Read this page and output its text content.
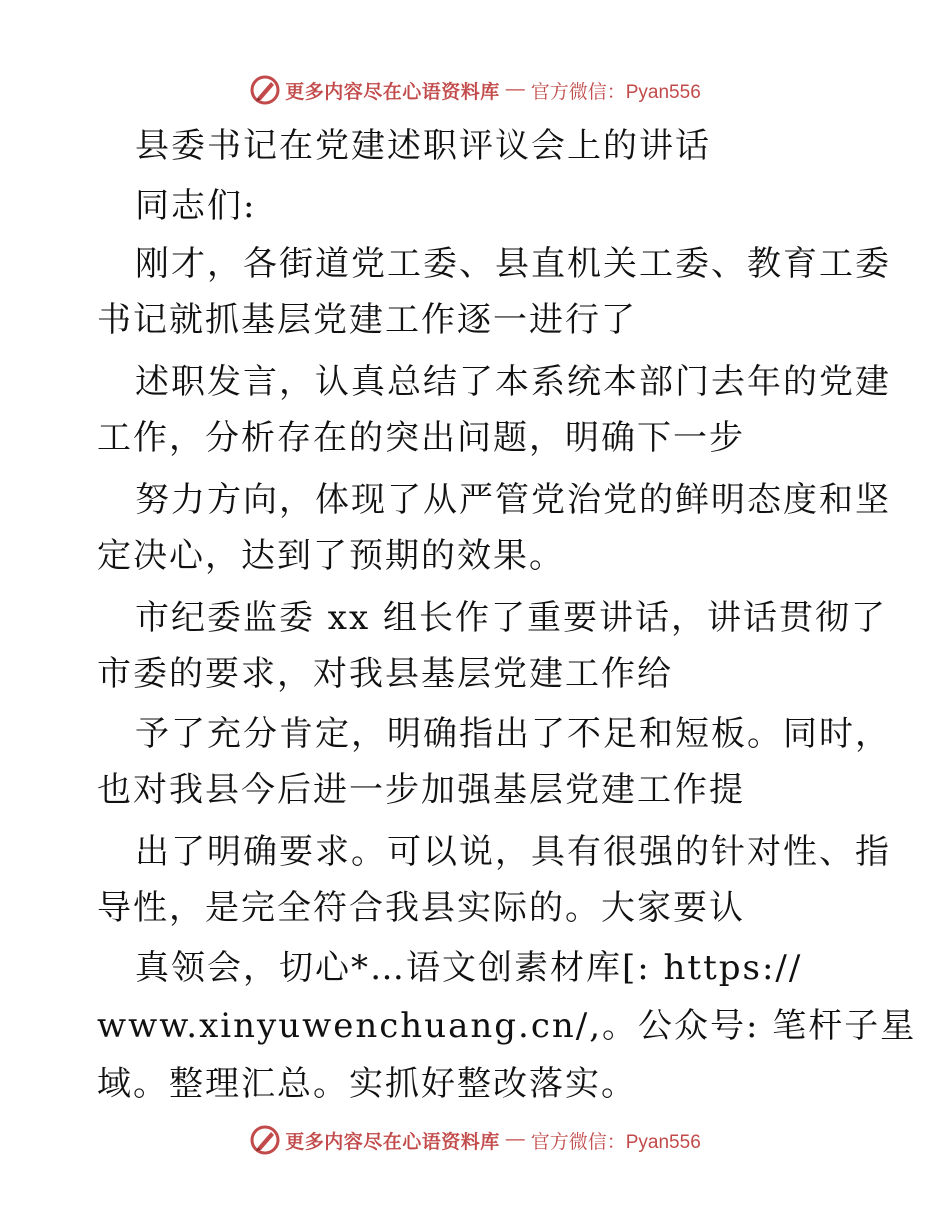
更多内容尽在心语资料库 — 官方微信：Pyan556
县委书记在党建述职评议会上的讲话
同志们:
刚才，各街道党工委、县直机关工委、教育工委
书记就抓基层党建工作逐一进行了
述职发言，认真总结了本系统本部门去年的党建
工作，分析存在的突出问题，明确下一步
努力方向，体现了从严管党治党的鲜明态度和坚
定决心，达到了预期的效果。
市纪委监委 xx 组长作了重要讲话，讲话贯彻了
市委的要求，对我县基层党建工作给
予了充分肯定，明确指出了不足和短板。同时，
也对我县今后进一步加强基层党建工作提
出了明确要求。可以说，具有很强的针对性、指
导性，是完全符合我县实际的。大家要认
真领会，切心*…语文创素材库[: https://
www.xinyuwenchuang.cn/,。公众号: 笔杆子星
域。整理汇总。实抓好整改落实。
更多内容尽在心语资料库 — 官方微信：Pyan556
